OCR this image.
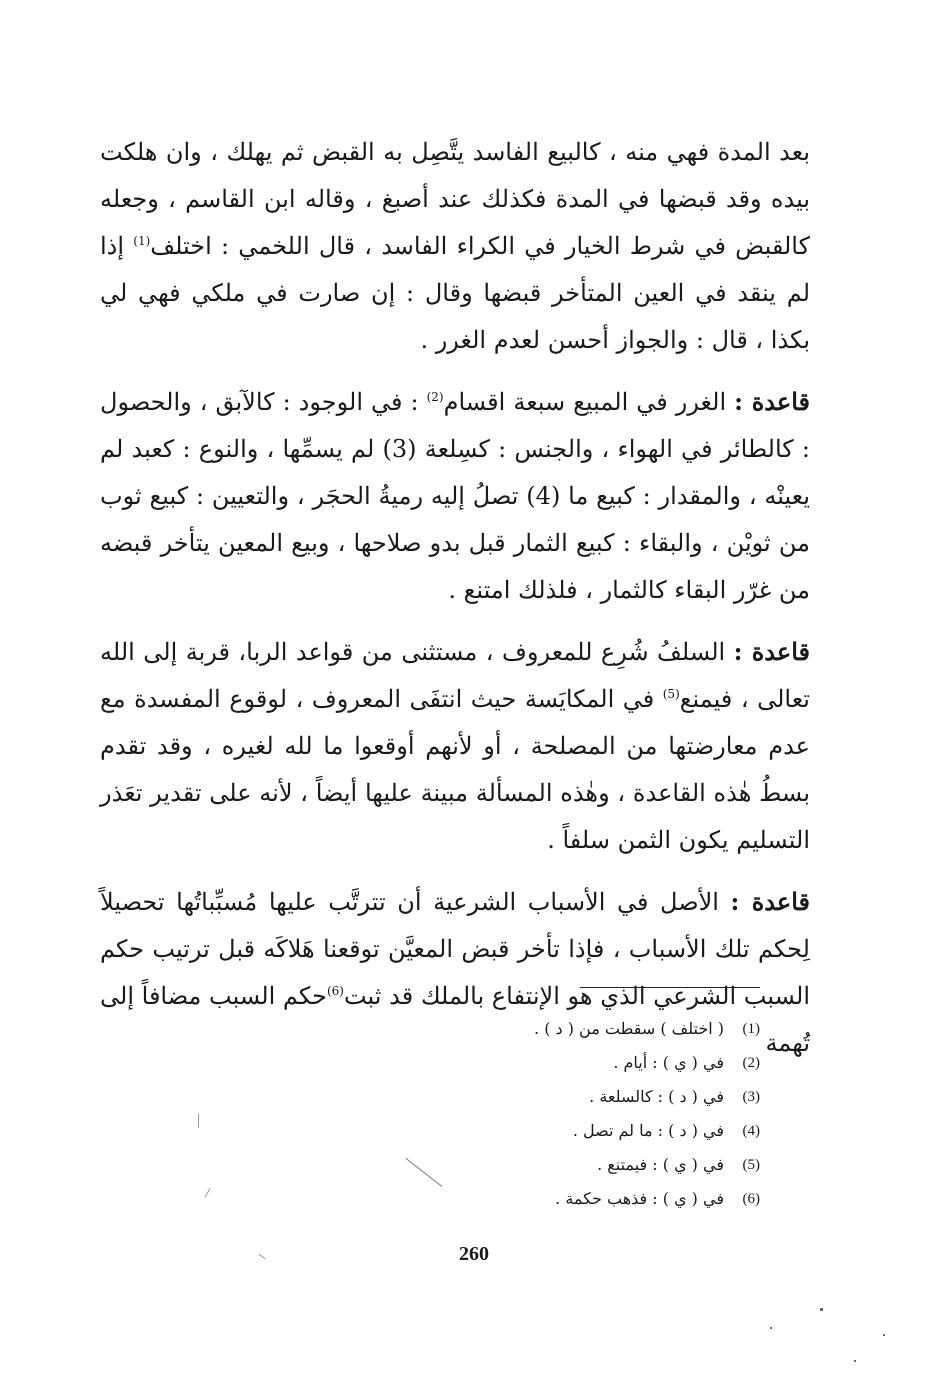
بعد المدة فهي منه ، كالبيع الفاسد يتَّصِل به القبض ثم يهلك ، وان هلكت بيده وقد قبضها في المدة فكذلك عند أصبغ ، وقاله ابن القاسم ، وجعله كالقبض في شرط الخيار في الكراء الفاسد ، قال اللخمي : اختلف$^{(1)}$ إذا لم ينقد في العين المتأخر قبضها وقال : إن صارت في ملكي فهي لي بكذا ، قال : والجواز أحسن لعدم الغرر .

قاعدة : الغرر في المبيع سبعة اقسام$^{(2)}$ : في الوجود : كالآبق ، والحصول : كالطائر في الهواء ، والجنس : كسِلعة (3) لم يسمِّها ، والنوع : كعبد لم يعينْه ، والمقدار : كبيع ما (4) تصلُ إليه رميةُ الحجَر ، والتعيين : كبيع ثوب من ثويْن ، والبقاء : كبيع الثمار قبل بدو صلاحها ، وبيع المعين يتأخر قبضه من غرّر البقاء كالثمار ، فلذلك امتنع .

قاعدة : السلفُ شُرِع للمعروف ، مستثنى من قواعد الربا، قربة إلى الله تعالى ، فيمنع$^{(5)}$ في المكايَسة حيث انتفَى المعروف ، لوقوع المفسدة مع عدم معارضتها من المصلحة ، أو لأنهم أوقعوا ما لله لغيره ، وقد تقدم بسطُ هٰذه القاعدة ، وهٰذه المسألة مبينة عليها أيضاً ، لأنه على تقدير تعَذر التسليم يكون الثمن سلفاً .

قاعدة : الأصل في الأسباب الشرعية أن تترتَّب عليها مُسبِّباتُها تحصيلاً لِحكم تلك الأسباب ، فإذا تأخر قبض المعيَّن توقعنا هَلاكَه قبل ترتيب حكم السبب الشرعي الذي هو الإنتفاع بالملك قد ثبت$^{(6)}$حكم السبب مضافاً إلى تُهمة

(1)
( اختلف ) سقطت من ( د ) .
(2)
في ( ي ) : أيام .
(3)
في ( د ) : كالسلعة .
(4)
في ( د ) : ما لم تصل .
(5)
في ( ي ) : فيمتنع .
(6)
في ( ي ) : فذهب حكمة .
260
